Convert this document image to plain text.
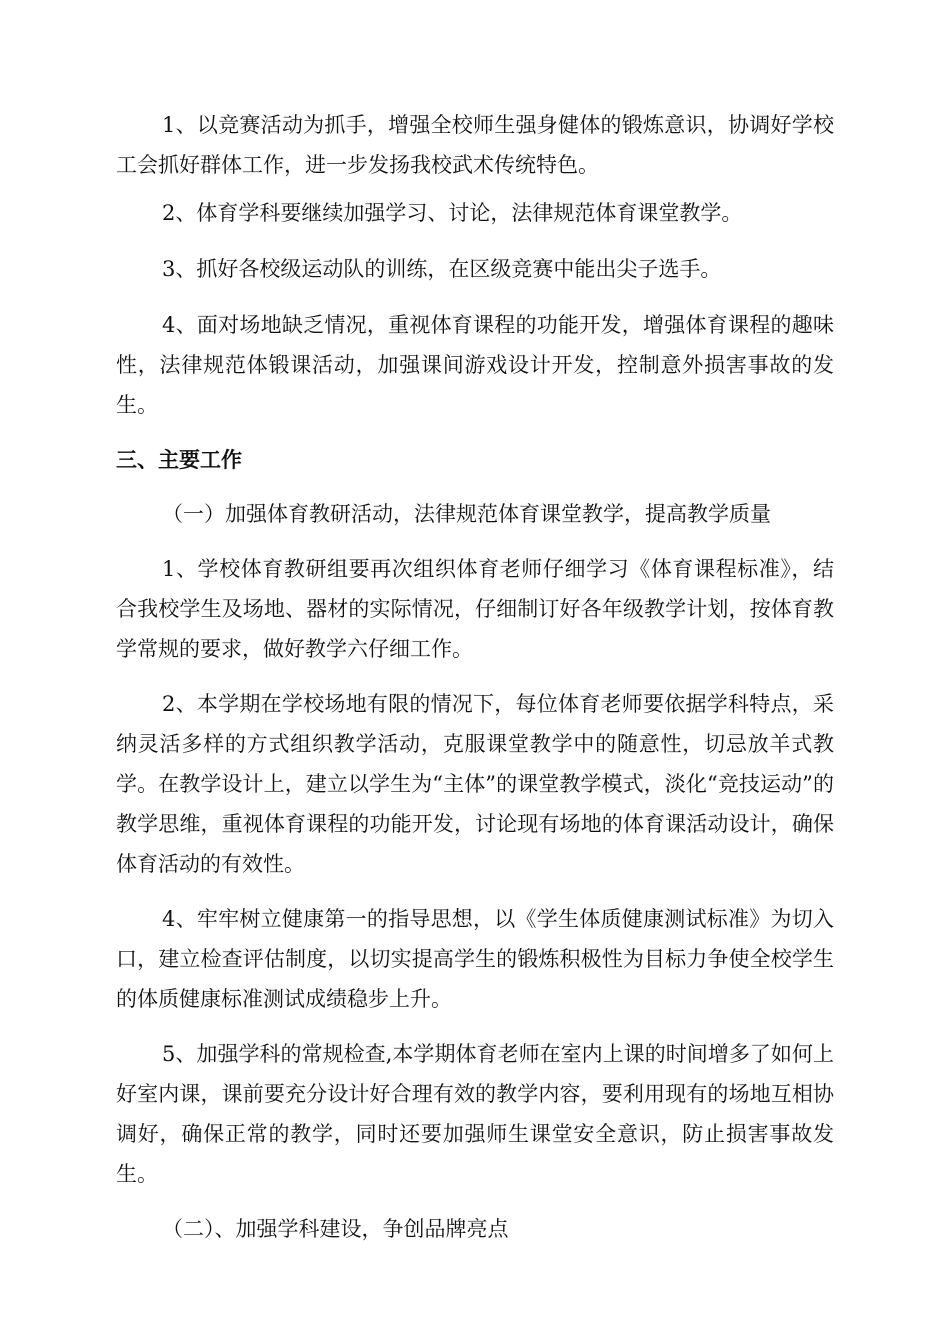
1、以竞赛活动为抓手，增强全校师生强身健体的锻炼意识，协调好学校工会抓好群体工作，进一步发扬我校武术传统特色。

2、体育学科要继续加强学习、讨论，法律规范体育课堂教学。

3、抓好各校级运动队的训练，在区级竞赛中能出尖子选手。

4、面对场地缺乏情况，重视体育课程的功能开发，增强体育课程的趣味性，法律规范体锻课活动，加强课间游戏设计开发，控制意外损害事故的发生。

三、主要工作

（一）加强体育教研活动，法律规范体育课堂教学，提高教学质量

1、学校体育教研组要再次组织体育老师仔细学习《体育课程标准》，结合我校学生及场地、器材的实际情况，仔细制订好各年级教学计划，按体育教学常规的要求，做好教学六仔细工作。

2、本学期在学校场地有限的情况下，每位体育老师要依据学科特点，采纳灵活多样的方式组织教学活动，克服课堂教学中的随意性，切忌放羊式教学。在教学设计上，建立以学生为“主体”的课堂教学模式，淡化“竞技运动”的教学思维，重视体育课程的功能开发，讨论现有场地的体育课活动设计，确保体育活动的有效性。

4、牢牢树立健康第一的指导思想，以《学生体质健康测试标准》为切入口，建立检查评估制度，以切实提高学生的锻炼积极性为目标力争使全校学生的体质健康标准测试成绩稳步上升。

5、加强学科的常规检查,本学期体育老师在室内上课的时间增多了如何上好室内课，课前要充分设计好合理有效的教学内容，要利用现有的场地互相协调好，确保正常的教学，同时还要加强师生课堂安全意识，防止损害事故发生。

（二）、加强学科建设，争创品牌亮点
